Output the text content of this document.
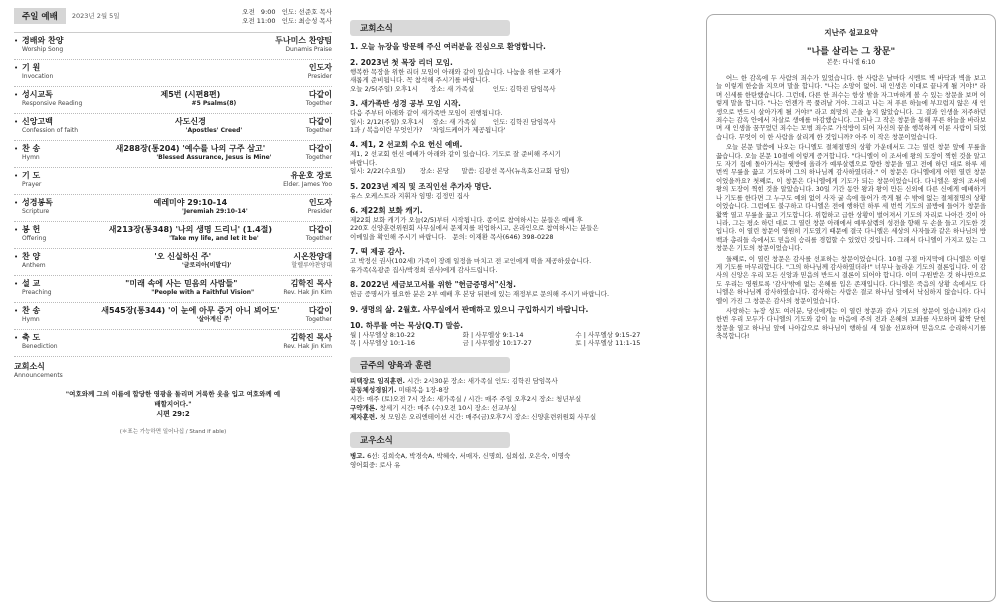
주일 예배	2023년 2월 5일	오전   9:00   인도: 선준호 목사
오전 11:00   인도: 최승성 목사
• 경배와 찬양	두나미스 찬양팀
Worship Song	Dunamis Praise
• 기 원	인도자
Invocation	Presider
• 성시교독	제5번 (시편8편)	다같이
Responsive Reading	#5 Psalms(8)	Together
• 신앙고백	사도신경	다같이
Confession of faith	'Apostles' Creed'	Together
• 찬 송	새288장(통204) '예수를 나의 구주 삼고'	다같이
Hymn	'Blessed Assurance, Jesus is Mine'	Together
• 기 도	유운호 장로
Prayer	Elder. James Yoo
• 성경봉독	예레미야 29:10-14	인도자
Scripture	'Jeremiah 29:10-14'	Presider
• 봉 헌	새213장(통348) '나의 생명 드리니' (1.4절)	다같이
Offering	'Take my life, and let it be'	Together
• 찬 양	'오 신실하신 주'	시온찬양대
Anthem	'글로리아(비발디)'	할렐루야찬양대
• 설 교	"미래 속에 사는 믿음의 사람들"	김학진 목사
Preaching	"People with a Faithful Vision"	Rev. Hak Jin Kim
• 찬 송	새545장(통344) '이 눈에 아무 증거 아니 뵈어도'	다같이
Hymn	'살아계신 주'	Together
• 축 도	김학진 목사
Benediction	Rev. Hak Jin Kim
교회소식
Announcements
"여호와께 그의 이름에 합당한 영광을 돌리며 거룩한 옷을 입고 여호와께 예배할지어다."
시편 29:2
(＊표는 가능하면 일어나십 / Stand if able)
교회소식
1. 오늘 뉴장을 방문해 주신 여러분을 진심으로 환영합니다.
2. 2023년 첫 목장 리더 모임.
행복한 목장을 위한 리더 모임이 아래와 같이 있습니다. 나눔을 위한 교재가
새롭게 준비됩니다. 꼭 참석해 주시기를 바랍니다.
오늘 2/5(주일) 오후1시      장소: 새 가족실         인도: 김학진 담임목사
3. 새가족반 성경 공부 모임 시작.
다음 주부터 아래와 같이 새가족반 모임이 진행됩니다.
일시: 2/12(주일) 오후1시    장소: 새 가족실        인도: 김학진 담임목사
1과 / 복음이란 무엇인가?    '차일드케어가 제공됩니다'
4. 제1, 2 선교회 수요 헌신 예배.
제1, 2 선교회 헌신 예배가 아래와 같이 있습니다. 기도로 잘 준비해 주시기
바랍니다.
일시: 2/22(수요일)       장소: 본당      말씀: 김광선 목사(뉴욕효신교회 담임)
5. 2023년 제직 및 조직인선 추가자 명단.
유스 오케스트라 지휘자 임명: 김정민 집사
6. 제22회 보화 캐기.
제22회 보화 캐기가 오늘(2/5)부터 시작됩니다. 종이로 참여하시는 분들은 예배 후
220호 신양훈련위원회 사무실에서 문제지를 픽업하시고, 온라인으로 참여하시는 분들은
이메일을 확인해 주시기 바랍니다.   문의: 이재환 목사(646) 398-0228
7. 떡 제공 감사.
고 박정신 권사(102세) 가족이 장례 일정을 마치고 전 교인에게 떡을 제공하셨습니다.
유가족(옥광준 집사/박경희 권사)에게 감사드립니다.
8. 2022년 세금보고서를 위한 "헌금증명서"신청.
헌금 증명서가 필요한 분은 2부 예배 후 본당 뒤편에 있는 재정부로 문의해 주시기 바랍니다.
9. 생명의 삶. 2월호. 사무실에서 판매하고 있으니 구입하시기 바랍니다.
10. 하루를 여는 묵상(Q.T) 말씀.
월 | 사무엘상 8:10-22	화 | 사무엘상 9:1-14	수 | 사무엘상 9:15-27
목 | 사무엘상 10:1-16	금 | 사무엘상 10:17-27	토 | 사무엘상 11:1-15
금주의 양육과 훈련
피택장로 임직훈련. 시간: 2시30분 장소: 새가족실 인도: 김학진 담임목사
공동체성경읽기. 미태복음 1장-8장
시간: 매주 (토)오전 7시 장소: 새가족실 / 시간: 매주 주일 오후2시 장소: 청년부실
구약개론. 창세기 시간: 매주 (수)오전 10시 장소: 선교부실
제자훈련. 첫 모임은 오리엔테이션 시간: 매주(금)오후7시 장소: 신양훈련위원회 사무실
교우소식
병고. 6선: 김희숙A, 박경숙A, 박혜숙, 서매자, 신명희, 심희섭, 오은숙, 이명숙
영어회중: 로사 유
지난주 설교요약
"나를 살리는 그 창문"
본문: 다니엘 6:10

어느 한 감옥에 두 사람의 죄수가 있었습니다. 한 사람은 날마다 시멘트 벽 바닥과 벽을 보고 늘 이렇게 한숨을 지으며 말을 합니다. "나는 소망이 없어. 내 인생은 이대로 끝나게 될 거야!" 라며 신세를 한탄했습니다. 그런데, 다른 한 죄수는 항상 밖을 자그마하게 볼 수 있는 창문을 보며 이렇게 말을 합니다. "나는 언젠가 꼭 풀려날 거야. 그리고 나는 저 푸른 하늘에 부끄럽지 않은 새 인생으로 반드시 살아가게 될 거야!" 라고 희망의 곤을 놓지 않았습니다. 그 결과 인생을 저주하던 죄수는 감옥 안에서 자살로 생애를 마감했습니다. 그러나 그 작은 창문을 통해 푸른 하늘을 바라보며 새 인생을 꿈꾸었던 죄수는 모범 죄수로 가석방이 되어 자신의 꿈을 행복하게 이룬 사람이 되었습니다. 무엇이 이 한 사람을 살리게 한 것입니까? 아주 이 작은 창문이었습니다.

오늘 본문 말씀에 나오는 다니엘도 절체절명의 상황 가운데서도 그는 열린 창문 앞에 무릎을 꿇습니다. 오늘 본문 10절에 이렇게 증거합니다. "다니엘이 이 조서에 왕의 도장이 찍힌 것을 알고도 자기 집에 돌아가서는 윗방에 올라가 예루살렘으로 향한 창문을 열고 전에 하던 대로 하루 세 번씩 무릎을 꿇고 기도하며 그의 하나님께 감사하였더라." 이 창문은 다니엘에게 어떤 열린 창문이었을까요? 첫째로, 이 창문은 다니엘에게 기도가 되는 창문이었습니다. 다니엘은 왕의 조서에 왕의 도장이 찍힌 것을 알았습니다. 30일 기간 동안 왕과 왕이 만든 신외에 다른 신에게 예배하거나 기도를 한다면 그 누구도 예외 없이 사자 굴 속에 들어가 죽게 될 수 밖에 없는 절체절명의 상황이었습니다. 그럼에도 불구하고 다니엘은 전에 행하던 하루 세 번씩 기도의 골방에 들어가 창문을 활짝 열고 무릎을 꿇고 기도합니다. 위험하고 급한 상황이 벌어져서 기도의 자리로 나아간 것이 아니라, 그는 평소 하던 대로 그 열린 창문 아래에서 예루살렘의 성전을 향해 두 손을 들고 기도한 것입니다. 이 열린 창문이 영원히 기도였기 때문에 결국 다니엘은 세상의 사자들과 같은 하나님의 방백과 총리들 속에서도 믿음의 승리를 경험할 수 있었던 것입니다. 그래서 다니엘이 가지고 있는 그 창문은 기도의 창문이었습니다.

둘째로, 이 열린 창문은 감사를 선포하는 창문이었습니다. 10절 구절 마지막에 다니엘은 이렇게 기도를 마무리합니다. "그의 하나님께 감사하였더라!" 너무나 놀라운 기도의 결론입니다. 이 감사의 신앙은 우리 모든 신앙과 믿음의 반드시 결론이 되어야 합니다. 이미 구원받은 것 하나만으로도 우리는 영원토록 '감사'밖에 없는 은혜를 입은 존재입니다. 다니엘은 죽음의 상황 속에서도 다니엘은 하나님께 감사하였습니다. 감사하는 사람은 결코 하나님 앞에서 낙심하지 않습니다. 다니엘이 가진 그 창문은 감사의 창문이었습니다.

사랑하는 뉴장 성도 여러분, 당신에게는 이 열린 창문과 감사 기도의 창문이 있습니까? 다시 한번 우리 모두가 다니엘의 기도와 같이 늘 마음에 주의 전과 은혜의 보좌를 사모하며 활짝 닫힌 창문을 열고 하나님 앞에 나아갑으로 하나님이 행하실 새 일을 선포하며 믿음으로 승리하시기를 축복합니다!
